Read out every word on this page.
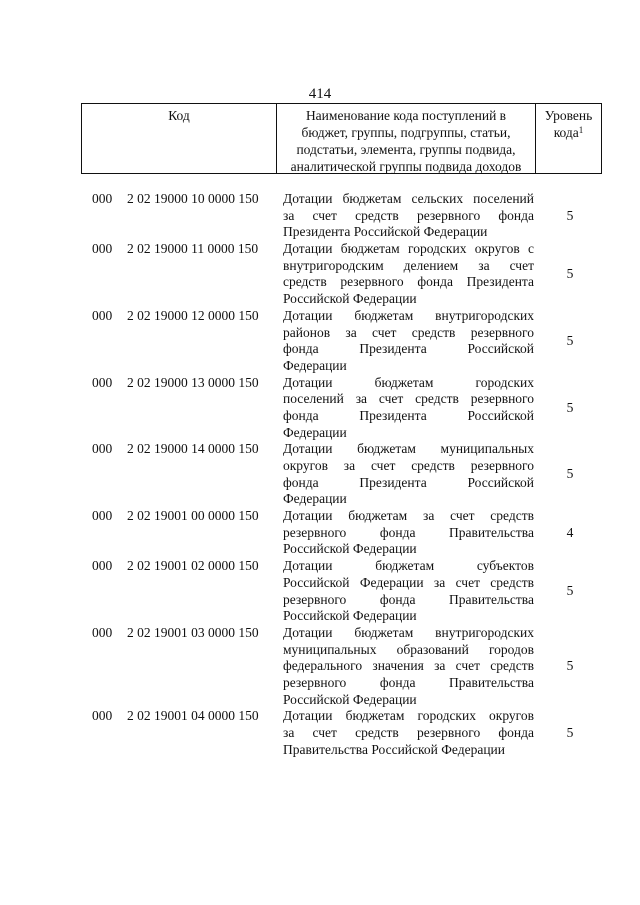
414
Код	Наименование кода поступлений в
бюджет, группы, подгруппы, статьи,
подстатьи, элемента, группы подвида,
аналитической группы подвида доходов
Уровень
кода$^1$
000 2 02 19000 10 0000 150 Дотации бюджетам сельских поселений
за счет средств резервного фонда
Президента Российской Федерации
5
000 2 02 19000 11 0000 150 Дотации бюджетам городских округов с
внутригородским делением за счет
средств резервного фонда Президента
Российской Федерации
5
000 2 02 19000 12 0000 150 Дотации бюджетам внутригородских
районов за счет средств резервного
фонда Президента Российской
Федерации
5
000 2 02 19000 13 0000 150 Дотации бюджетам городских
поселений за счет средств резервного
фонда Президента Российской
Федерации
5
000 2 02 19000 14 0000 150 Дотации бюджетам муниципальных
округов за счет средств резервного
фонда Президента Российской
Федерации
5
000 2 02 19001 00 0000 150 Дотации бюджетам за счет средств
резервного фонда Правительства
Российской Федерации
4
000 2 02 19001 02 0000 150 Дотации бюджетам субъектов
Российской Федерации за счет средств
резервного фонда Правительства
Российской Федерации
5
000 2 02 19001 03 0000 150 Дотации бюджетам внутригородских
муниципальных образований городов
федерального значения за счет средств
резервного фонда Правительства
Российской Федерации
5
000 2 02 19001 04 0000 150 Дотации бюджетам городских округов
за счет средств резервного фонда
Правительства Российской Федерации
5
